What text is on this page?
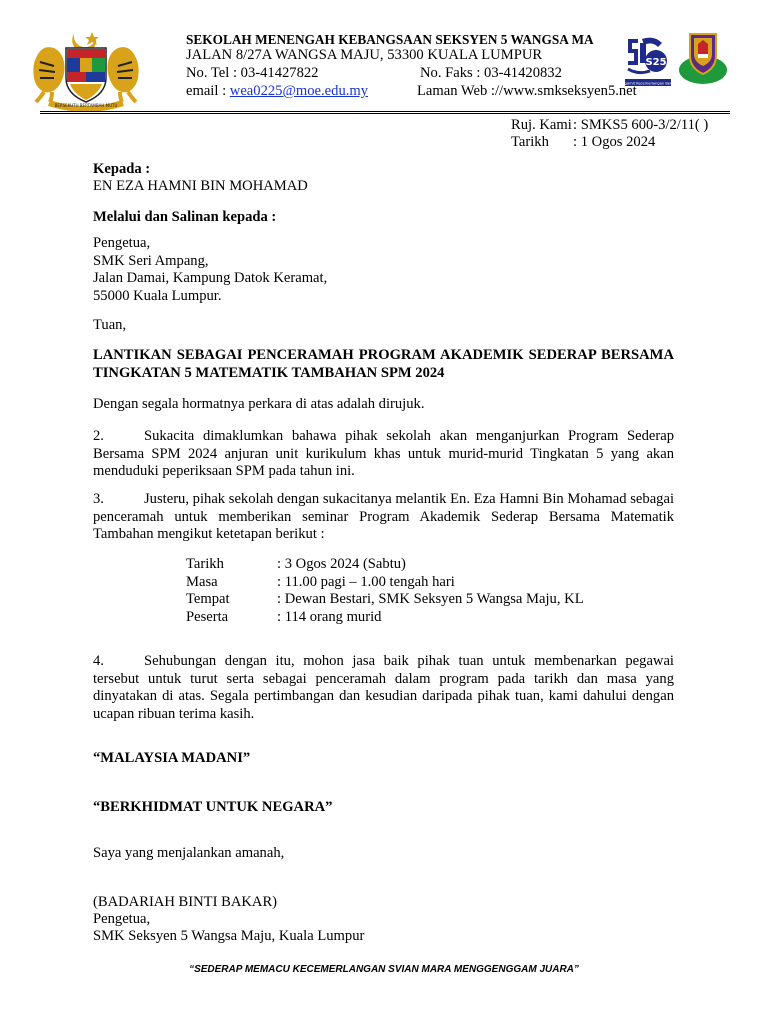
BERSEKUTU BERTAMBAH MUTU
S25
Menggamit Kecemerlangan Bersama
SEKOLAH MENENGAH KEBANGSAAN SEKSYEN 5 WANGSA MA
JALAN 8/27A WANGSA MAJU, 53300 KUALA LUMPUR
No. Tel : 03-41427822	No. Faks : 03-41420832
email : wea0225@moe.edu.my	Laman Web ://www.smkseksyen5.net
Ruj. Kami: SMKS5 600-3/2/11( )
Tarikh : 1 Ogos 2024
Kepada :
EN EZA HAMNI BIN MOHAMAD
Melalui dan Salinan kepada :
Pengetua,
SMK Seri Ampang,
Jalan Damai, Kampung Datok Keramat,
55000 Kuala Lumpur.
Tuan,
LANTIKAN SEBAGAI PENCERAMAH PROGRAM AKADEMIK SEDERAP BERSAMA TINGKATAN 5 MATEMATIK TAMBAHAN SPM 2024
Dengan segala hormatnya perkara di atas adalah dirujuk.
2.	Sukacita dimaklumkan bahawa pihak sekolah akan menganjurkan Program Sederap Bersama SPM 2024 anjuran unit kurikulum khas untuk murid-murid Tingkatan 5 yang akan menduduki peperiksaan SPM pada tahun ini.
3.	Justeru, pihak sekolah dengan sukacitanya melantik En. Eza Hamni Bin Mohamad sebagai penceramah untuk memberikan seminar Program Akademik Sederap Bersama Matematik Tambahan mengikut ketetapan berikut :
Tarikh	: 3 Ogos 2024 (Sabtu)
Masa	: 11.00 pagi – 1.00 tengah hari
Tempat	: Dewan Bestari, SMK Seksyen 5 Wangsa Maju, KL
Peserta	: 114 orang murid
4.	Sehubungan dengan itu, mohon jasa baik pihak tuan untuk membenarkan pegawai tersebut untuk turut serta sebagai penceramah dalam program pada tarikh dan masa yang dinyatakan di atas. Segala pertimbangan dan kesudian daripada pihak tuan, kami dahului dengan ucapan ribuan terima kasih.
“MALAYSIA MADANI”
“BERKHIDMAT UNTUK NEGARA”
Saya yang menjalankan amanah,
(BADARIAH BINTI BAKAR)
Pengetua,
SMK Seksyen 5 Wangsa Maju, Kuala Lumpur
“SEDERAP MEMACU KECEMERLANGAN SVIAN MARA MENGGENGGAM JUARA”
